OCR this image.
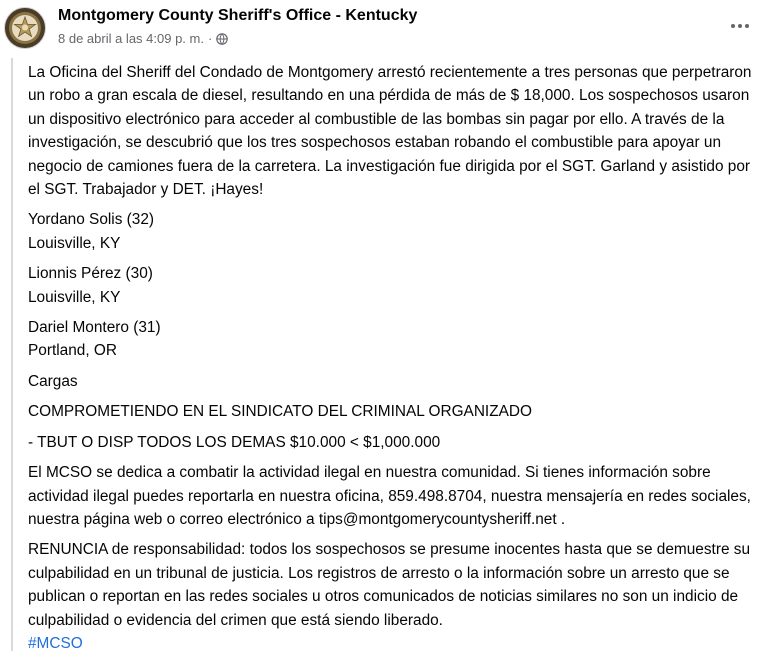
Montgomery County Sheriff's Office - Kentucky
8 de abril a las 4:09 p. m. ·

La Oficina del Sheriff del Condado de Montgomery arrestó recientemente a tres personas que perpetraron un robo a gran escala de diesel, resultando en una pérdida de más de $ 18,000. Los sospechosos usaron un dispositivo electrónico para acceder al combustible de las bombas sin pagar por ello. A través de la investigación, se descubrió que los tres sospechosos estaban robando el combustible para apoyar un negocio de camiones fuera de la carretera. La investigación fue dirigida por el SGT. Garland y asistido por el SGT. Trabajador y DET. ¡Hayes!

Yordano Solis (32)
Louisville, KY

Lionnis Pérez (30)
Louisville, KY

Dariel Montero (31)
Portland, OR

Cargas

COMPROMETIENDO EN EL SINDICATO DEL CRIMINAL ORGANIZADO

- TBUT O DISP TODOS LOS DEMAS $10.000 < $1,000.000

El MCSO se dedica a combatir la actividad ilegal en nuestra comunidad. Si tienes información sobre actividad ilegal puedes reportarla en nuestra oficina, 859.498.8704, nuestra mensajería en redes sociales, nuestra página web o correo electrónico a tips@montgomerycountysheriff.net .

RENUNCIA de responsabilidad: todos los sospechosos se presume inocentes hasta que se demuestre su culpabilidad en un tribunal de justicia. Los registros de arresto o la información sobre un arresto que se publican o reportan en las redes sociales u otros comunicados de noticias similares no son un indicio de culpabilidad o evidencia del crimen que está siendo liberado.
#MCSO
